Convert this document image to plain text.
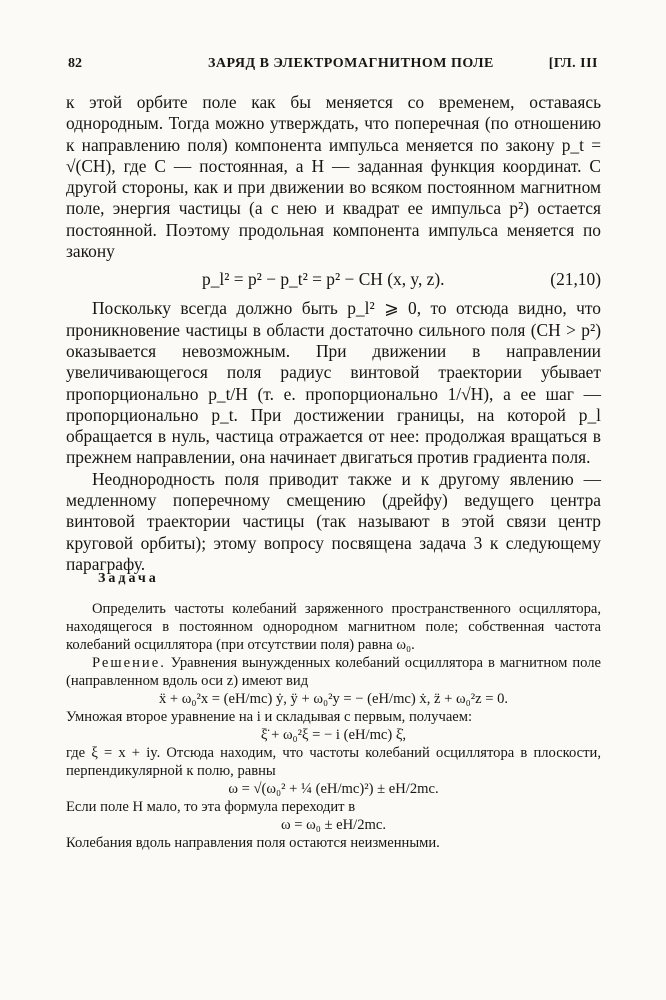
82	ЗАРЯД В ЭЛЕКТРОМАГНИТНОМ ПОЛЕ	[ГЛ. III

к этой орбите поле как бы меняется со временем, оставаясь однородным. Тогда можно утверждать, что поперечная (по отношению к направлению поля) компонента импульса меняется по закону p_t = √(CH), где C — постоянная, а H — заданная функция координат. С другой стороны, как и при движении во всяком постоянном магнитном поле, энергия частицы (а с нею и квадрат ее импульса p²) остается постоянной. Поэтому продольная компонента импульса меняется по закону

p_l² = p² − p_t² = p² − CH (x, y, z).	(21,10)

Поскольку всегда должно быть p_l² ⩾ 0, то отсюда видно, что проникновение частицы в области достаточно сильного поля (CH > p²) оказывается невозможным. При движении в направлении увеличивающегося поля радиус винтовой траектории убывает пропорционально p_t/H (т. е. пропорционально 1/√H), а ее шаг — пропорционально p_t. При достижении границы, на которой p_l обращается в нуль, частица отражается от нее: продолжая вращаться в прежнем направлении, она начинает двигаться против градиента поля.

Неоднородность поля приводит также и к другому явлению — медленному поперечному смещению (дрейфу) ведущего центра винтовой траектории частицы (так называют в этой связи центр круговой орбиты); этому вопросу посвящена задача 3 к следующему параграфу.

Задача

Определить частоты колебаний заряженного пространственного осциллятора, находящегося в постоянном однородном магнитном поле; собственная частота колебаний осциллятора (при отсутствии поля) равна ω₀.

Решение. Уравнения вынужденных колебаний осциллятора в магнитном поле (направленном вдоль оси z) имеют вид

ẍ + ω₀²x = (eH/mc) ẏ, ÿ + ω₀²y = − (eH/mc) ẋ, z̈ + ω₀²z = 0.

Умножая второе уравнение на i и складывая с первым, получаем:

ξ̈ + ω₀²ξ = − i (eH/mc) ξ̇,

где ξ = x + iy. Отсюда находим, что частоты колебаний осциллятора в плоскости, перпендикулярной к полю, равны

ω = √(ω₀² + ¼ (eH/mc)²) ± eH/2mc.

Если поле H мало, то эта формула переходит в

ω = ω₀ ± eH/2mc.

Колебания вдоль направления поля остаются неизменными.
